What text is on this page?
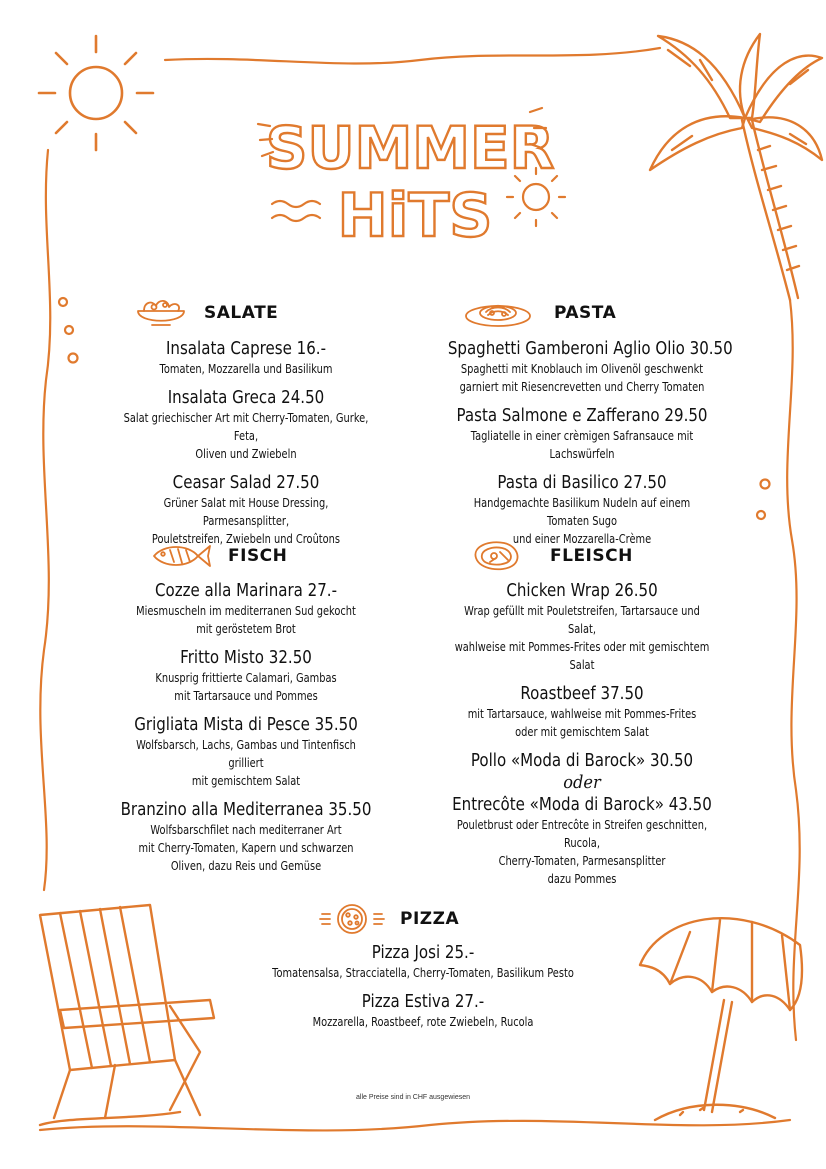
SUMMER
HiTS
SALATE
Insalata Caprese 16.-
Tomaten, Mozzarella und Basilikum
Insalata Greca 24.50
Salat griechischer Art mit Cherry-Tomaten, Gurke, Feta,
Oliven und Zwiebeln
Ceasar Salad 27.50
Grüner Salat mit House Dressing, Parmesansplitter,
Pouletstreifen, Zwiebeln und Croûtons
PASTA
Spaghetti Gamberoni Aglio Olio 30.50
Spaghetti mit Knoblauch im Olivenöl geschwenkt
garniert mit Riesencrevetten und Cherry Tomaten
Pasta Salmone e Zafferano 29.50
Tagliatelle in einer crèmigen Safransauce mit Lachswürfeln
Pasta di Basilico 27.50
Handgemachte Basilikum Nudeln auf einem Tomaten Sugo
und einer Mozzarella-Crème
FISCH
Cozze alla Marinara 27.-
Miesmuscheln im mediterranen Sud gekocht
mit geröstetem Brot
Fritto Misto 32.50
Knusprig frittierte Calamari, Gambas
mit Tartarsauce und Pommes
Grigliata Mista di Pesce 35.50
Wolfsbarsch, Lachs, Gambas und Tintenfisch grilliert
mit gemischtem Salat
Branzino alla Mediterranea 35.50
Wolfsbarschfilet nach mediterraner Art
mit Cherry-Tomaten, Kapern und schwarzen
Oliven, dazu Reis und Gemüse
FLEISCH
Chicken Wrap 26.50
Wrap gefüllt mit Pouletstreifen, Tartarsauce und Salat,
wahlweise mit Pommes-Frites oder mit gemischtem Salat
Roastbeef 37.50
mit Tartarsauce, wahlweise mit Pommes-Frites
oder mit gemischtem Salat
Pollo «Moda di Barock» 30.50
oder
Entrecôte «Moda di Barock» 43.50
Pouletbrust oder Entrecôte in Streifen geschnitten, Rucola,
Cherry-Tomaten, Parmesansplitter
dazu Pommes
PIZZA
Pizza Josi 25.-
Tomatensalsa, Stracciatella, Cherry-Tomaten, Basilikum Pesto
Pizza Estiva 27.-
Mozzarella, Roastbeef, rote Zwiebeln, Rucola
alle Preise sind in CHF ausgewiesen
